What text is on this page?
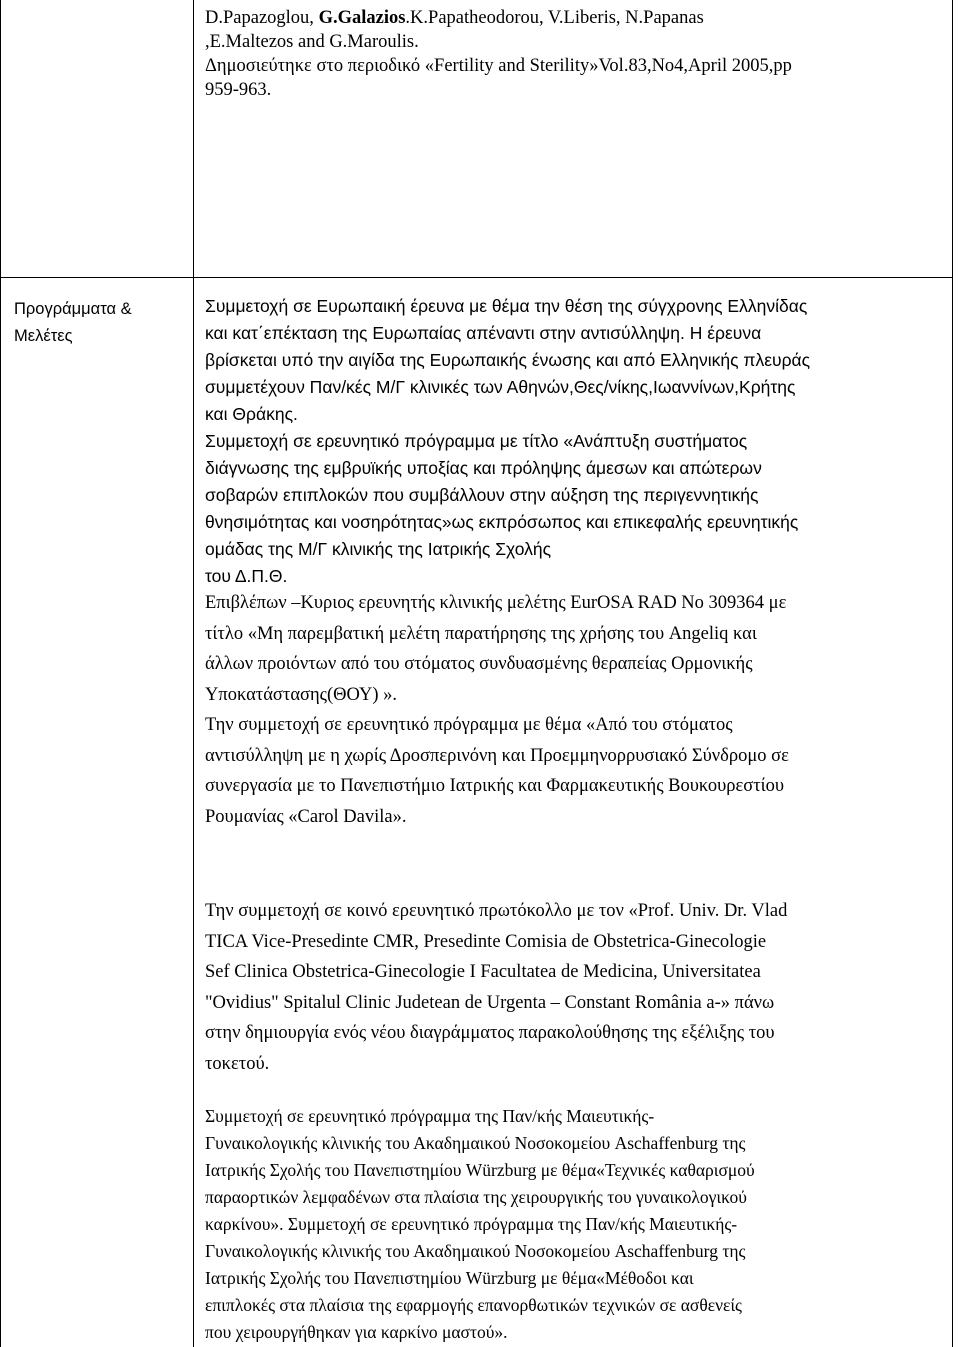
D.Papazoglou, G.Galazios.K.Papatheodorou, V.Liberis, N.Papanas
,E.Maltezos and G.Maroulis.
Δημοσιεύτηκε στο περιοδικό «Fertility and Sterility»Vol.83,No4,April 2005,pp
959-963.
Προγράμματα &
Μελέτες
Συμμετοχή σε Ευρωπαική έρευνα με θέμα την θέση της σύγχρονης Ελληνίδας
και κατ΄επέκταση της Ευρωπαίας απέναντι στην αντισύλληψη. Η έρευνα
βρίσκεται υπό την αιγίδα της Ευρωπαικής ένωσης και από Ελληνικής πλευράς
συμμετέχουν Παν/κές Μ/Γ κλινικές των Αθηνών,Θες/νίκης,Ιωαννίνων,Κρήτης
και Θράκης.
Συμμετοχή σε ερευνητικό πρόγραμμα με τίτλο «Ανάπτυξη συστήματος
διάγνωσης της εμβρυϊκής υποξίας και πρόληψης άμεσων και απώτερων
σοβαρών επιπλοκών που συμβάλλουν στην αύξηση της περιγεννητικής
θνησιμότητας και νοσηρότητας»ως εκπρόσωπος και επικεφαλής ερευνητικής
ομάδας της Μ/Γ κλινικής της Ιατρικής Σχολής
του Δ.Π.Θ.
Επιβλέπων –Κυριος ερευνητής κλινικής μελέτης EurOSA RAD No 309364 με
τίτλο «Μη παρεμβατική μελέτη παρατήρησης της χρήσης του Angeliq και
άλλων προιόντων από του στόματος συνδυασμένης θεραπείας Ορμονικής
Υποκατάστασης(ΘΟΥ) ».
Την συμμετοχή σε ερευνητικό πρόγραμμα με θέμα «Από του στόματος
αντισύλληψη με η χωρίς Δροσπερινόνη και Προεμμηνορρυσιακό Σύνδρομο σε
συνεργασία με το Πανεπιστήμιο Ιατρικής και Φαρμακευτικής Βουκουρεστίου
Ρουμανίας «Carol Davila».
Την συμμετοχή σε κοινό ερευνητικό πρωτόκολλο με τον «Prof. Univ. Dr. Vlad
TICA Vice-Presedinte CMR, Presedinte Comisia de Obstetrica-Ginecologie
Sef Clinica Obstetrica-Ginecologie I Facultatea de Medicina, Universitatea
"Ovidius" Spitalul Clinic Judetean de Urgenta – Constant România a-» πάνω
στην δημιουργία ενός νέου διαγράμματος παρακολούθησης της εξέλιξης του
τοκετού.
Συμμετοχή σε ερευνητικό πρόγραμμα της Παν/κής Μαιευτικής-
Γυναικολογικής κλινικής του Ακαδημαικού Νοσοκομείου Aschaffenburg της
Ιατρικής Σχολής του Πανεπιστημίου Würzburg με θέμα«Τεχνικές καθαρισμού
παραορτικών λεμφαδένων στα πλαίσια της χειρουργικής του γυναικολογικού
καρκίνου». Συμμετοχή σε ερευνητικό πρόγραμμα της Παν/κής Μαιευτικής-
Γυναικολογικής κλινικής του Ακαδημαικού Νοσοκομείου Aschaffenburg της
Ιατρικής Σχολής του Πανεπιστημίου Würzburg με θέμα«Μέθοδοι και
επιπλοκές στα πλαίσια της εφαρμογής επανορθωτικών τεχνικών σε ασθενείς
που χειρουργήθηκαν για καρκίνο μαστού».
